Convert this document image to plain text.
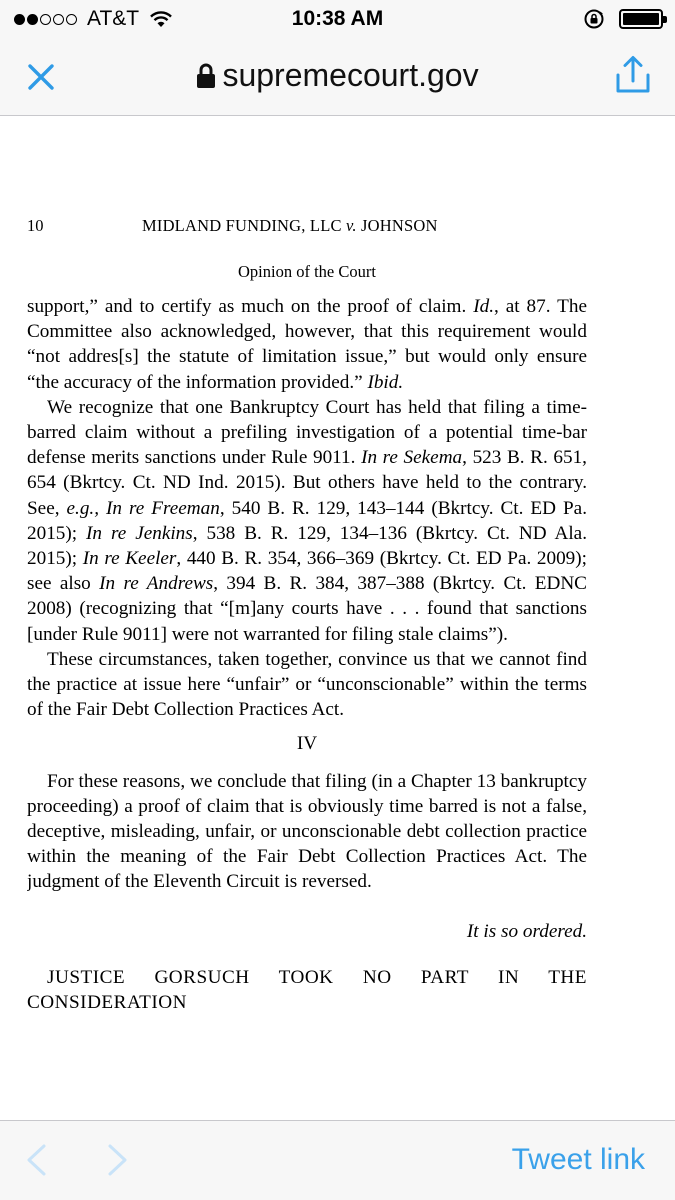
AT&T	10:38 AM
supremecourt.gov
10	MIDLAND FUNDING, LLC v. JOHNSON
Opinion of the Court

support,” and to certify as much on the proof of claim. Id., at 87. The Committee also acknowledged, however, that this requirement would “not addres[s] the statute of limitation issue,” but would only ensure “the accuracy of the information provided.” Ibid.

We recognize that one Bankruptcy Court has held that filing a time-barred claim without a prefiling investigation of a potential time-bar defense merits sanctions under Rule 9011. In re Sekema, 523 B. R. 651, 654 (Bkrtcy. Ct. ND Ind. 2015). But others have held to the contrary. See, e.g., In re Freeman, 540 B. R. 129, 143–144 (Bkrtcy. Ct. ED Pa. 2015); In re Jenkins, 538 B. R. 129, 134–136 (Bkrtcy. Ct. ND Ala. 2015); In re Keeler, 440 B. R. 354, 366–369 (Bkrtcy. Ct. ED Pa. 2009); see also In re Andrews, 394 B. R. 384, 387–388 (Bkrtcy. Ct. EDNC 2008) (recognizing that “[m]any courts have . . . found that sanctions [under Rule 9011] were not warranted for filing stale claims”).

These circumstances, taken together, convince us that we cannot find the practice at issue here “unfair” or “unconscionable” within the terms of the Fair Debt Collection Practices Act.

IV

For these reasons, we conclude that filing (in a Chapter 13 bankruptcy proceeding) a proof of claim that is obviously time barred is not a false, deceptive, misleading, unfair, or unconscionable debt collection practice within the meaning of the Fair Debt Collection Practices Act. The judgment of the Eleventh Circuit is reversed.

It is so ordered.

JUSTICE GORSUCH TOOK NO PART IN THE CONSIDERATION

Tweet link
